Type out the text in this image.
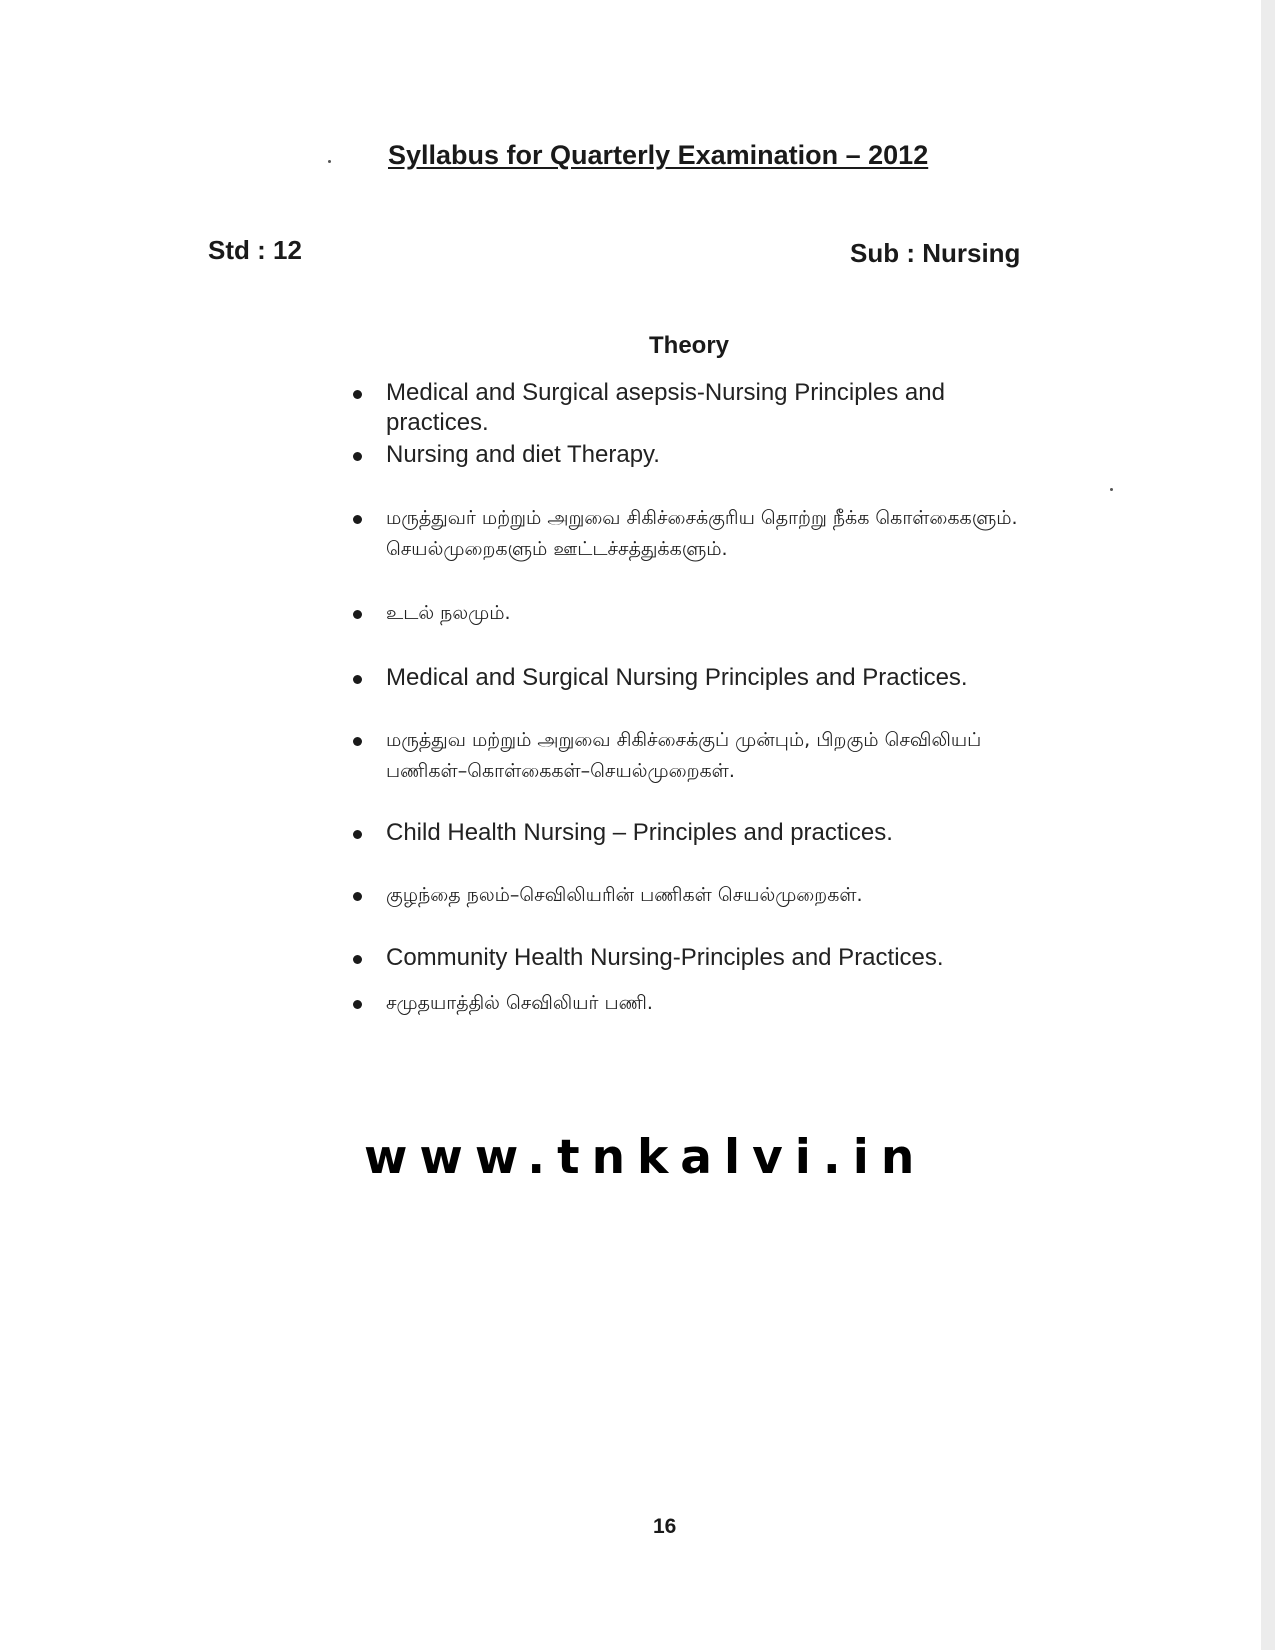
Syllabus for Quarterly Examination – 2012
Std : 12	Sub : Nursing
Theory
Medical and Surgical asepsis-Nursing Principles and practices.
Nursing and diet Therapy.
மருத்துவர் மற்றும் அறுவை சிகிச்சைக்குரிய தொற்று நீக்க கொள்கைகளும். செயல்முறைகளும் ஊட்டச்சத்துக்களும்.
உடல் நலமும்.
Medical and Surgical Nursing Principles and Practices.
மருத்துவ மற்றும் அறுவை சிகிச்சைக்குப் முன்பும், பிறகும் செவிலியப் பணிகள்–கொள்கைகள்–செயல்முறைகள்.
Child Health Nursing – Principles and practices.
குழந்தை நலம்–செவிலியரின் பணிகள் செயல்முறைகள்.
Community Health Nursing-Principles and Practices.
சமுதயாத்தில் செவிலியர் பணி.
www.tnkalvi.in
16
